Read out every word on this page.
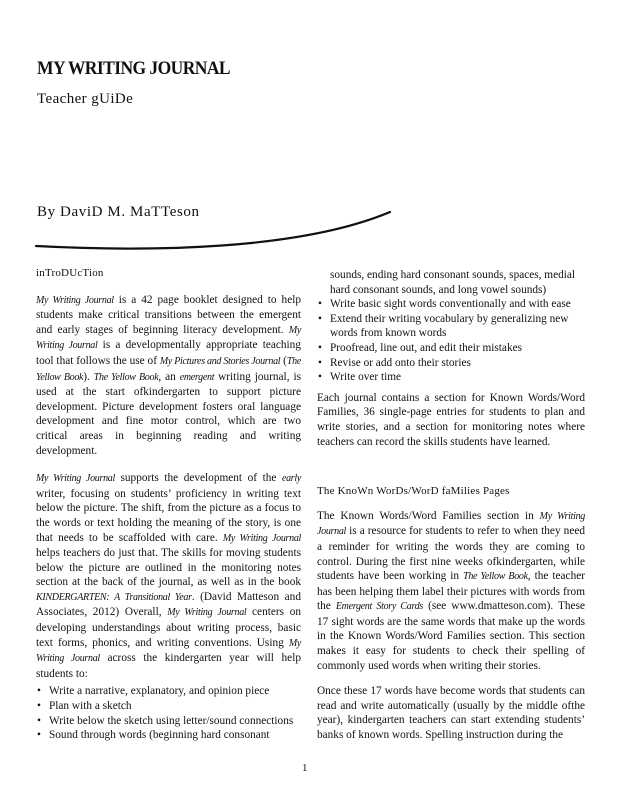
MY WRITING JOURNAL
Teacher gUiDe
By DaviD M. MaTTeson
inTroDUcTion

My Writing Journal is a 42 page booklet designed to help students make critical transitions between the emergent and early stages of beginning literacy development. My Writing Journal is a developmentally appropriate teaching tool that follows the use of My Pictures and Stories Journal (The Yellow Book). The Yellow Book, an emergent writing journal, is used at the start ofkindergarten to support picture development. Picture development fosters oral language development and fine motor control, which are two critical areas in beginning reading and writing development.

My Writing Journal supports the development of the early writer, focusing on students’ proficiency in writing text below the picture. The shift, from the picture as a focus to the words or text holding the meaning of the story, is one that needs to be scaffolded with care. My Writing Journal helps teachers do just that. The skills for moving students below the picture are outlined in the monitoring notes section at the back of the journal, as well as in the book KINDERGARTEN: A Transitional Year. (David Matteson and Associates, 2012) Overall, My Writing Journal centers on developing understandings about writing process, basic text forms, phonics, and writing conventions. Using My Writing Journal across the kindergarten year will help students to:

• Write a narrative, explanatory, and opinion piece
• Plan with a sketch
• Write below the sketch using letter/sound connections
• Sound through words (beginning hard consonant
sounds, ending hard consonant sounds, spaces, medial hard consonant sounds, and long vowel sounds)
• Write basic sight words conventionally and with ease
• Extend their writing vocabulary by generalizing new words from known words
• Proofread, line out, and edit their mistakes
• Revise or add onto their stories
• Write over time

Each journal contains a section for Known Words/Word Families, 36 single-page entries for students to plan and write stories, and a section for monitoring notes where teachers can record the skills students have learned.

The KnoWn WorDs/WorD faMilies Pages

The Known Words/Word Families section in My Writing Journal is a resource for students to refer to when they need a reminder for writing the words they are coming to control. During the first nine weeks ofkindergarten, while students have been working in The Yellow Book, the teacher has been helping them label their pictures with words from the Emergent Story Cards (see www.dmatteson.com). These 17 sight words are the same words that make up the words in the Known Words/Word Families section. This section makes it easy for students to check their spelling of commonly used words when writing their stories.

Once these 17 words have become words that students can read and write automatically (usually by the middle ofthe year), kindergarten teachers can start extending students’ banks of known words. Spelling instruction during the

1
